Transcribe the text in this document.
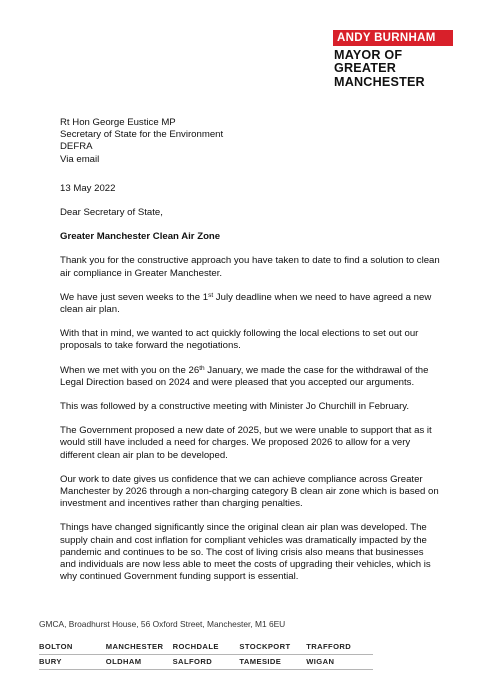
ANDY BURNHAM
MAYOR OF
GREATER
MANCHESTER
Rt Hon George Eustice MP
Secretary of State for the Environment
DEFRA
Via email
13 May 2022
Dear Secretary of State,
Greater Manchester Clean Air Zone
Thank you for the constructive approach you have taken to date to find a solution to clean air compliance in Greater Manchester.
We have just seven weeks to the 1st July deadline when we need to have agreed a new clean air plan.
With that in mind, we wanted to act quickly following the local elections to set out our proposals to take forward the negotiations.
When we met with you on the 26th January, we made the case for the withdrawal of the Legal Direction based on 2024 and were pleased that you accepted our arguments.
This was followed by a constructive meeting with Minister Jo Churchill in February.
The Government proposed a new date of 2025, but we were unable to support that as it would still have included a need for charges. We proposed 2026 to allow for a very different clean air plan to be developed.
Our work to date gives us confidence that we can achieve compliance across Greater Manchester by 2026 through a non-charging category B clean air zone which is based on investment and incentives rather than charging penalties.
Things have changed significantly since the original clean air plan was developed. The supply chain and cost inflation for compliant vehicles was dramatically impacted by the pandemic and continues to be so. The cost of living crisis also means that businesses and individuals are now less able to meet the costs of upgrading their vehicles, which is why continued Government funding support is essential.
GMCA, Broadhurst House, 56 Oxford Street, Manchester, M1 6EU
BOLTON	MANCHESTER	ROCHDALE	STOCKPORT	TRAFFORD
BURY	OLDHAM	SALFORD	TAMESIDE	WIGAN
